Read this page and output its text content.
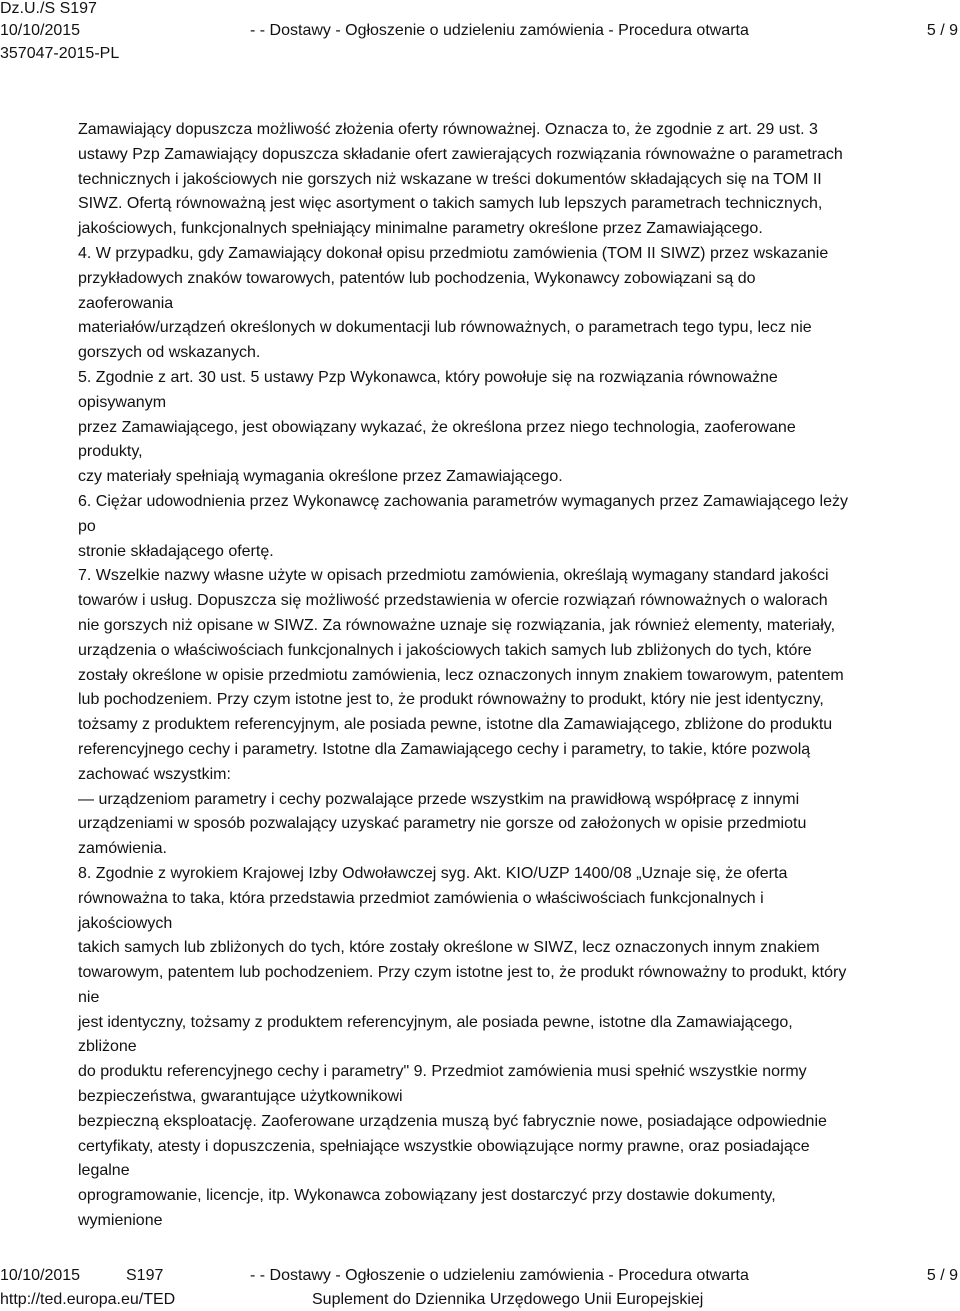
Dz.U./S S197
10/10/2015
357047-2015-PL
- - Dostawy - Ogłoszenie o udzieleniu zamówienia - Procedura otwarta	5 / 9
Zamawiający dopuszcza możliwość złożenia oferty równoważnej. Oznacza to, że zgodnie z art. 29 ust. 3
ustawy Pzp Zamawiający dopuszcza składanie ofert zawierających rozwiązania równoważne o parametrach
technicznych i jakościowych nie gorszych niż wskazane w treści dokumentów składających się na TOM II
SIWZ. Ofertą równoważną jest więc asortyment o takich samych lub lepszych parametrach technicznych,
jakościowych, funkcjonalnych spełniający minimalne parametry określone przez Zamawiającego.
4. W przypadku, gdy Zamawiający dokonał opisu przedmiotu zamówienia (TOM II SIWZ) przez wskazanie
przykładowych znaków towarowych, patentów lub pochodzenia, Wykonawcy zobowiązani są do
zaoferowania
materiałów/urządzeń określonych w dokumentacji lub równoważnych, o parametrach tego typu, lecz nie
gorszych od wskazanych.
5. Zgodnie z art. 30 ust. 5 ustawy Pzp Wykonawca, który powołuje się na rozwiązania równoważne
opisywanym
przez Zamawiającego, jest obowiązany wykazać, że określona przez niego technologia, zaoferowane
produkty,
czy materiały spełniają wymagania określone przez Zamawiającego.
6. Ciężar udowodnienia przez Wykonawcę zachowania parametrów wymaganych przez Zamawiającego leży
po
stronie składającego ofertę.
7. Wszelkie nazwy własne użyte w opisach przedmiotu zamówienia, określają wymagany standard jakości
towarów i usług. Dopuszcza się możliwość przedstawienia w ofercie rozwiązań równoważnych o walorach
nie gorszych niż opisane w SIWZ. Za równoważne uznaje się rozwiązania, jak również elementy, materiały,
urządzenia o właściwościach funkcjonalnych i jakościowych takich samych lub zbliżonych do tych, które
zostały określone w opisie przedmiotu zamówienia, lecz oznaczonych innym znakiem towarowym, patentem
lub pochodzeniem. Przy czym istotne jest to, że produkt równoważny to produkt, który nie jest identyczny,
tożsamy z produktem referencyjnym, ale posiada pewne, istotne dla Zamawiającego, zbliżone do produktu
referencyjnego cechy i parametry. Istotne dla Zamawiającego cechy i parametry, to takie, które pozwolą
zachować wszystkim:
— urządzeniom parametry i cechy pozwalające przede wszystkim na prawidłową współpracę z innymi
urządzeniami w sposób pozwalający uzyskać parametry nie gorsze od założonych w opisie przedmiotu
zamówienia.
8. Zgodnie z wyrokiem Krajowej Izby Odwoławczej syg. Akt. KIO/UZP 1400/08 „Uznaje się, że oferta
równoważna to taka, która przedstawia przedmiot zamówienia o właściwościach funkcjonalnych i
jakościowych
takich samych lub zbliżonych do tych, które zostały określone w SIWZ, lecz oznaczonych innym znakiem
towarowym, patentem lub pochodzeniem. Przy czym istotne jest to, że produkt równoważny to produkt, który
nie
jest identyczny, tożsamy z produktem referencyjnym, ale posiada pewne, istotne dla Zamawiającego,
zbliżone
do produktu referencyjnego cechy i parametry" 9. Przedmiot zamówienia musi spełnić wszystkie normy
bezpieczeństwa, gwarantujące użytkownikowi
bezpieczną eksploatację. Zaoferowane urządzenia muszą być fabrycznie nowe, posiadające odpowiednie
certyfikaty, atesty i dopuszczenia, spełniające wszystkie obowiązujące normy prawne, oraz posiadające
legalne
oprogramowanie, licencje, itp. Wykonawca zobowiązany jest dostarczyć przy dostawie dokumenty,
wymienione
10/10/2015	S197	- - Dostawy - Ogłoszenie o udzieleniu zamówienia - Procedura otwarta	5 / 9
http://ted.europa.eu/TED	Suplement do Dziennika Urzędowego Unii Europejskiej
